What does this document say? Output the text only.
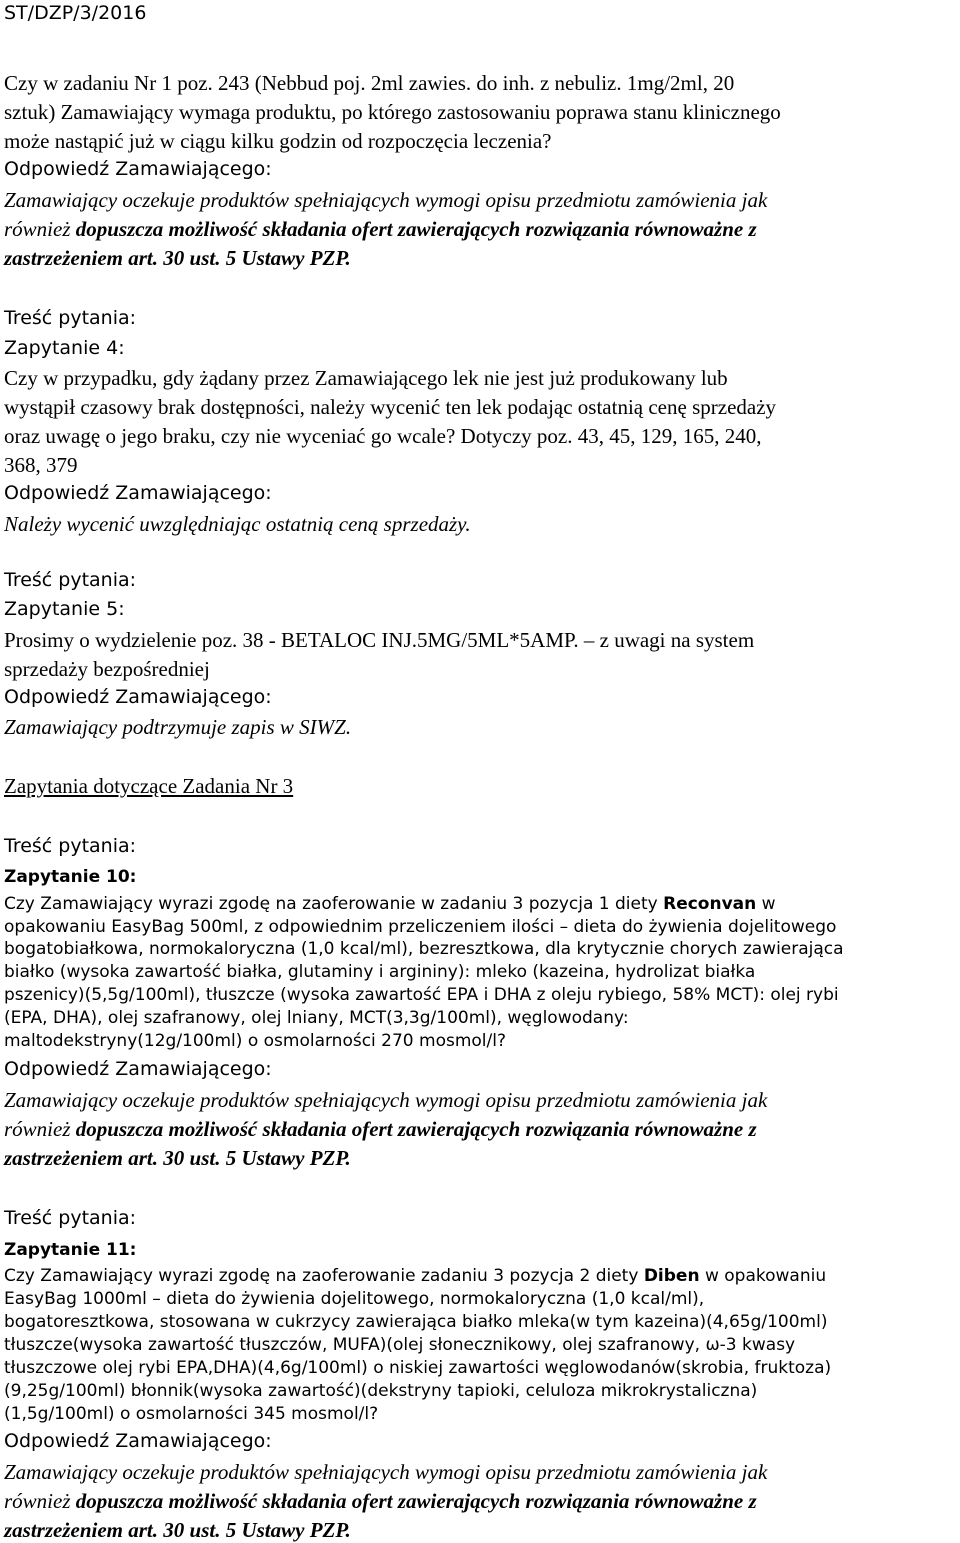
ST/DZP/3/2016
Czy w zadaniu Nr 1 poz. 243 (Nebbud poj. 2ml zawies. do inh. z nebuliz. 1mg/2ml, 20
sztuk) Zamawiający wymaga produktu, po którego zastosowaniu poprawa stanu klinicznego
może nastąpić już w ciągu kilku godzin od rozpoczęcia leczenia?
Odpowiedź Zamawiającego:
Zamawiający oczekuje produktów spełniających wymogi opisu przedmiotu zamówienia jak
również dopuszcza możliwość składania ofert zawierających rozwiązania równoważne z
zastrzeżeniem art. 30 ust. 5 Ustawy PZP.
Treść pytania:
Zapytanie 4:
Czy w przypadku, gdy żądany przez Zamawiającego lek nie jest już produkowany lub
wystąpił czasowy brak dostępności, należy wycenić ten lek podając ostatnią cenę sprzedaży
oraz uwagę o jego braku, czy nie wyceniać go wcale? Dotyczy poz. 43, 45, 129, 165, 240,
368, 379
Odpowiedź Zamawiającego:
Należy wycenić uwzględniając ostatnią ceną sprzedaży.
Treść pytania:
Zapytanie 5:
Prosimy o wydzielenie poz. 38 - BETALOC INJ.5MG/5ML*5AMP. – z uwagi na system
sprzedaży bezpośredniej
Odpowiedź Zamawiającego:
Zamawiający podtrzymuje zapis w SIWZ.
Zapytania dotyczące Zadania Nr 3
Treść pytania:
Zapytanie 10:
Czy Zamawiający wyrazi zgodę na zaoferowanie w zadaniu 3 pozycja 1 diety Reconvan w
opakowaniu EasyBag 500ml, z odpowiednim przeliczeniem ilości – dieta do żywienia dojelitowego
bogatobiałkowa, normokaloryczna (1,0 kcal/ml), bezresztkowa, dla krytycznie chorych zawierająca
białko (wysoka zawartość białka, glutaminy i argininy): mleko (kazeina, hydrolizat białka
pszenicy)(5,5g/100ml), tłuszcze (wysoka zawartość EPA i DHA z oleju rybiego, 58% MCT): olej rybi
(EPA, DHA), olej szafranowy, olej lniany, MCT(3,3g/100ml), węglowodany:
maltodekstryny(12g/100ml) o osmolarności 270 mosmol/l?
Odpowiedź Zamawiającego:
Zamawiający oczekuje produktów spełniających wymogi opisu przedmiotu zamówienia jak
również dopuszcza możliwość składania ofert zawierających rozwiązania równoważne z
zastrzeżeniem art. 30 ust. 5 Ustawy PZP.
Treść pytania:
Zapytanie 11:
Czy Zamawiający wyrazi zgodę na zaoferowanie zadaniu 3 pozycja 2 diety Diben w opakowaniu
EasyBag 1000ml – dieta do żywienia dojelitowego, normokaloryczna (1,0 kcal/ml),
bogatoresztkowa, stosowana w cukrzycy zawierająca białko mleka(w tym kazeina)(4,65g/100ml)
tłuszcze(wysoka zawartość tłuszczów, MUFA)(olej słonecznikowy, olej szafranowy, ω-3 kwasy
tłuszczowe olej rybi EPA,DHA)(4,6g/100ml) o niskiej zawartości węglowodanów(skrobia, fruktoza)
(9,25g/100ml) błonnik(wysoka zawartość)(dekstryny tapioki, celuloza mikrokrystaliczna)
(1,5g/100ml) o osmolarności 345 mosmol/l?
Odpowiedź Zamawiającego:
Zamawiający oczekuje produktów spełniających wymogi opisu przedmiotu zamówienia jak
również dopuszcza możliwość składania ofert zawierających rozwiązania równoważne z
zastrzeżeniem art. 30 ust. 5 Ustawy PZP.
